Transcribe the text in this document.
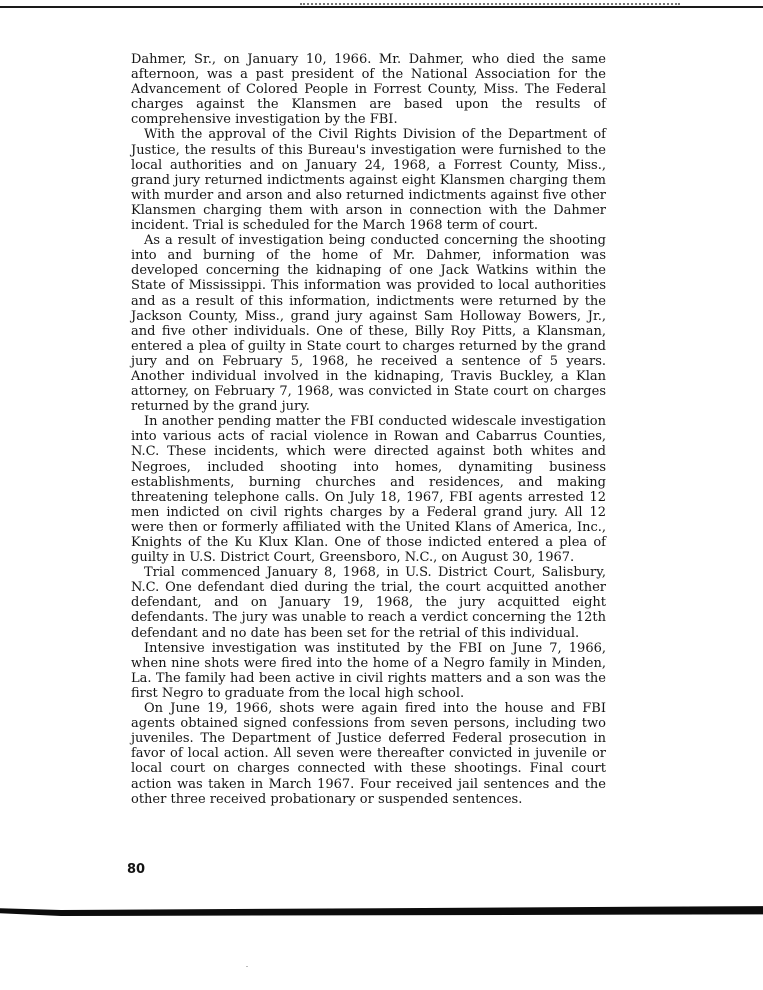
Dahmer, Sr., on January 10, 1966. Mr. Dahmer, who died the same afternoon, was a past president of the National Association for the Advancement of Colored People in Forrest County, Miss. The Federal charges against the Klansmen are based upon the results of comprehensive investigation by the FBI.

With the approval of the Civil Rights Division of the Department of Justice, the results of this Bureau's investigation were furnished to the local authorities and on January 24, 1968, a Forrest County, Miss., grand jury returned indictments against eight Klansmen charging them with murder and arson and also returned indictments against five other Klansmen charging them with arson in connection with the Dahmer incident. Trial is scheduled for the March 1968 term of court.

As a result of investigation being conducted concerning the shooting into and burning of the home of Mr. Dahmer, information was developed concerning the kidnaping of one Jack Watkins within the State of Mississippi. This information was provided to local authorities and as a result of this information, indictments were returned by the Jackson County, Miss., grand jury against Sam Holloway Bowers, Jr., and five other individuals. One of these, Billy Roy Pitts, a Klansman, entered a plea of guilty in State court to charges returned by the grand jury and on February 5, 1968, he received a sentence of 5 years. Another individual involved in the kidnaping, Travis Buckley, a Klan attorney, on February 7, 1968, was convicted in State court on charges returned by the grand jury.

In another pending matter the FBI conducted widescale investigation into various acts of racial violence in Rowan and Cabarrus Counties, N.C. These incidents, which were directed against both whites and Negroes, included shooting into homes, dynamiting business establishments, burning churches and residences, and making threatening telephone calls. On July 18, 1967, FBI agents arrested 12 men indicted on civil rights charges by a Federal grand jury. All 12 were then or formerly affiliated with the United Klans of America, Inc., Knights of the Ku Klux Klan. One of those indicted entered a plea of guilty in U.S. District Court, Greensboro, N.C., on August 30, 1967.

Trial commenced January 8, 1968, in U.S. District Court, Salisbury, N.C. One defendant died during the trial, the court acquitted another defendant, and on January 19, 1968, the jury acquitted eight defendants. The jury was unable to reach a verdict concerning the 12th defendant and no date has been set for the retrial of this individual.

Intensive investigation was instituted by the FBI on June 7, 1966, when nine shots were fired into the home of a Negro family in Minden, La. The family had been active in civil rights matters and a son was the first Negro to graduate from the local high school.

On June 19, 1966, shots were again fired into the house and FBI agents obtained signed confessions from seven persons, including two juveniles. The Department of Justice deferred Federal prosecution in favor of local action. All seven were thereafter convicted in juvenile or local court on charges connected with these shootings. Final court action was taken in March 1967. Four received jail sentences and the other three received probationary or suspended sentences.

80
